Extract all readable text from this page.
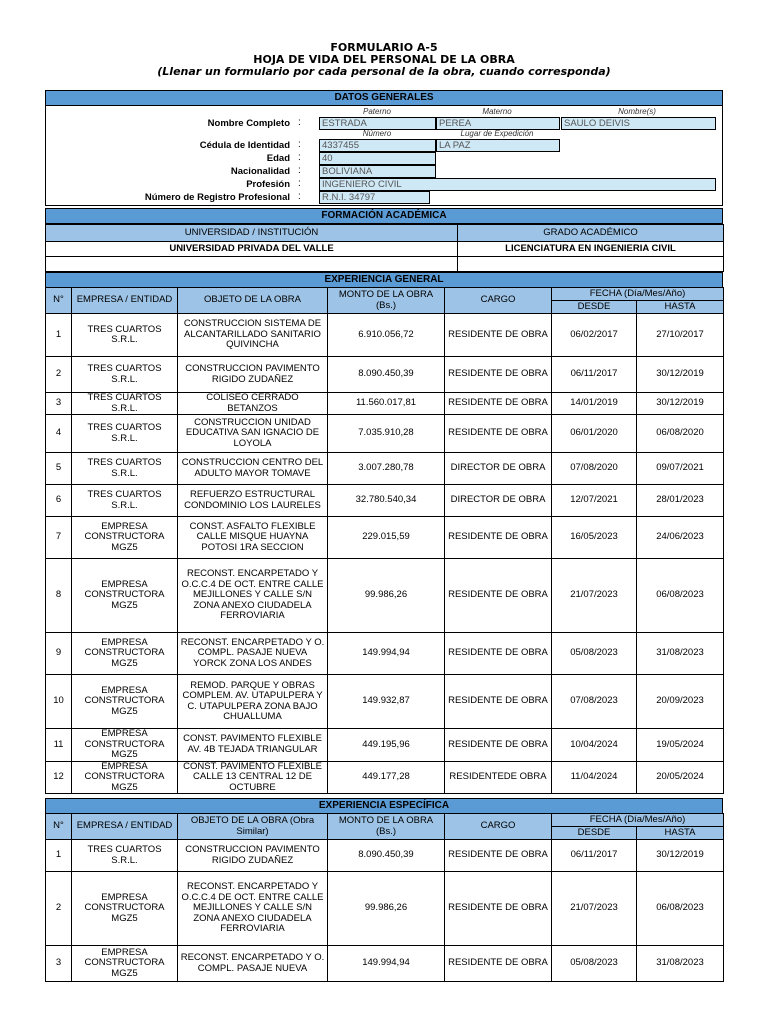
FORMULARIO A-5
HOJA DE VIDA DEL PERSONAL DE LA OBRA
(Llenar un formulario por cada personal de la obra, cuando corresponda)
DATOS GENERALES
Paterno	Materno	Nombre(s)
Nombre Completo :	ESTRADA	PEREA	SAULO DEIVIS
Número	Lugar de Expedición
Cédula de Identidad :	4337455	LA PAZ
Edad :	40
Nacionalidad :	BOLIVIANA
Profesión :	INGENIERO CIVIL
Número de Registro Profesional :	R.N.I. 34797
FORMACIÓN ACADÉMICA
UNIVERSIDAD / INSTITUCIÓN	GRADO ACADÉMICO
UNIVERSIDAD PRIVADA DEL VALLE	LICENCIATURA EN INGENIERIA CIVIL

EXPERIENCIA GENERAL
N°	EMPRESA / ENTIDAD	OBJETO DE LA OBRA	MONTO DE LA OBRA (Bs.)	CARGO	FECHA (Día/Mes/Año)	
					DESDE	HASTA
1	TRES CUARTOS S.R.L.	CONSTRUCCION SISTEMA DE ALCANTARILLADO SANITARIO QUIVINCHA	6.910.056,72	RESIDENTE DE OBRA	06/02/2017	27/10/2017
2	TRES CUARTOS S.R.L.	CONSTRUCCION PAVIMENTO RIGIDO ZUDAÑEZ	8.090.450,39	RESIDENTE DE OBRA	06/11/2017	30/12/2019
3	TRES CUARTOS S.R.L.	COLISEO CERRADO BETANZOS	11.560.017,81	RESIDENTE DE OBRA	14/01/2019	30/12/2019
4	TRES CUARTOS S.R.L.	CONSTRUCCION UNIDAD EDUCATIVA SAN IGNACIO DE LOYOLA	7.035.910,28	RESIDENTE DE OBRA	06/01/2020	06/08/2020
5	TRES CUARTOS S.R.L.	CONSTRUCCION CENTRO DEL ADULTO MAYOR TOMAVE	3.007.280,78	DIRECTOR DE OBRA	07/08/2020	09/07/2021
6	TRES CUARTOS S.R.L.	REFUERZO ESTRUCTURAL CONDOMINIO LOS LAURELES	32.780.540,34	DIRECTOR DE OBRA	12/07/2021	28/01/2023
7	EMPRESA CONSTRUCTORA MGZ5	CONST. ASFALTO FLEXIBLE CALLE MISQUE HUAYNA POTOSI 1RA SECCION	229.015,59	RESIDENTE DE OBRA	16/05/2023	24/06/2023
8	EMPRESA CONSTRUCTORA MGZ5	RECONST. ENCARPETADO Y O.C.C.4 DE OCT. ENTRE CALLE MEJILLONES Y CALLE S/N ZONA ANEXO CIUDADELA FERROVIARIA	99.986,26	RESIDENTE DE OBRA	21/07/2023	06/08/2023
9	EMPRESA CONSTRUCTORA MGZ5	RECONST. ENCARPETADO Y O. COMPL. PASAJE NUEVA YORCK ZONA LOS ANDES	149.994,94	RESIDENTE DE OBRA	05/08/2023	31/08/2023
10	EMPRESA CONSTRUCTORA MGZ5	REMOD. PARQUE Y OBRAS COMPLEM. AV. UTAPULPERA Y C. UTAPULPERA ZONA BAJO CHUALLUMA	149.932,87	RESIDENTE DE OBRA	07/08/2023	20/09/2023
11	EMPRESA CONSTRUCTORA MGZ5	CONST. PAVIMENTO FLEXIBLE AV. 4B TEJADA TRIANGULAR	449.195,96	RESIDENTE DE OBRA	10/04/2024	19/05/2024
12	EMPRESA CONSTRUCTORA MGZ5	CONST. PAVIMENTO FLEXIBLE CALLE 13 CENTRAL 12 DE OCTUBRE	449.177,28	RESIDENTEDE OBRA	11/04/2024	20/05/2024
EXPERIENCIA ESPECÍFICA
N°	EMPRESA / ENTIDAD	OBJETO DE LA OBRA (Obra Similar)	MONTO DE LA OBRA (Bs.)	CARGO	FECHA (Día/Mes/Año)	
					DESDE	HASTA
1	TRES CUARTOS S.R.L.	CONSTRUCCION PAVIMENTO RIGIDO ZUDAÑEZ	8.090.450,39	RESIDENTE DE OBRA	06/11/2017	30/12/2019
2	EMPRESA CONSTRUCTORA MGZ5	RECONST. ENCARPETADO Y O.C.C.4 DE OCT. ENTRE CALLE MEJILLONES Y CALLE S/N ZONA ANEXO CIUDADELA FERROVIARIA	99.986,26	RESIDENTE DE OBRA	21/07/2023	06/08/2023
3	EMPRESA CONSTRUCTORA MGZ5	RECONST. ENCARPETADO Y O. COMPL. PASAJE NUEVA	149.994,94	RESIDENTE DE OBRA	05/08/2023	31/08/2023
